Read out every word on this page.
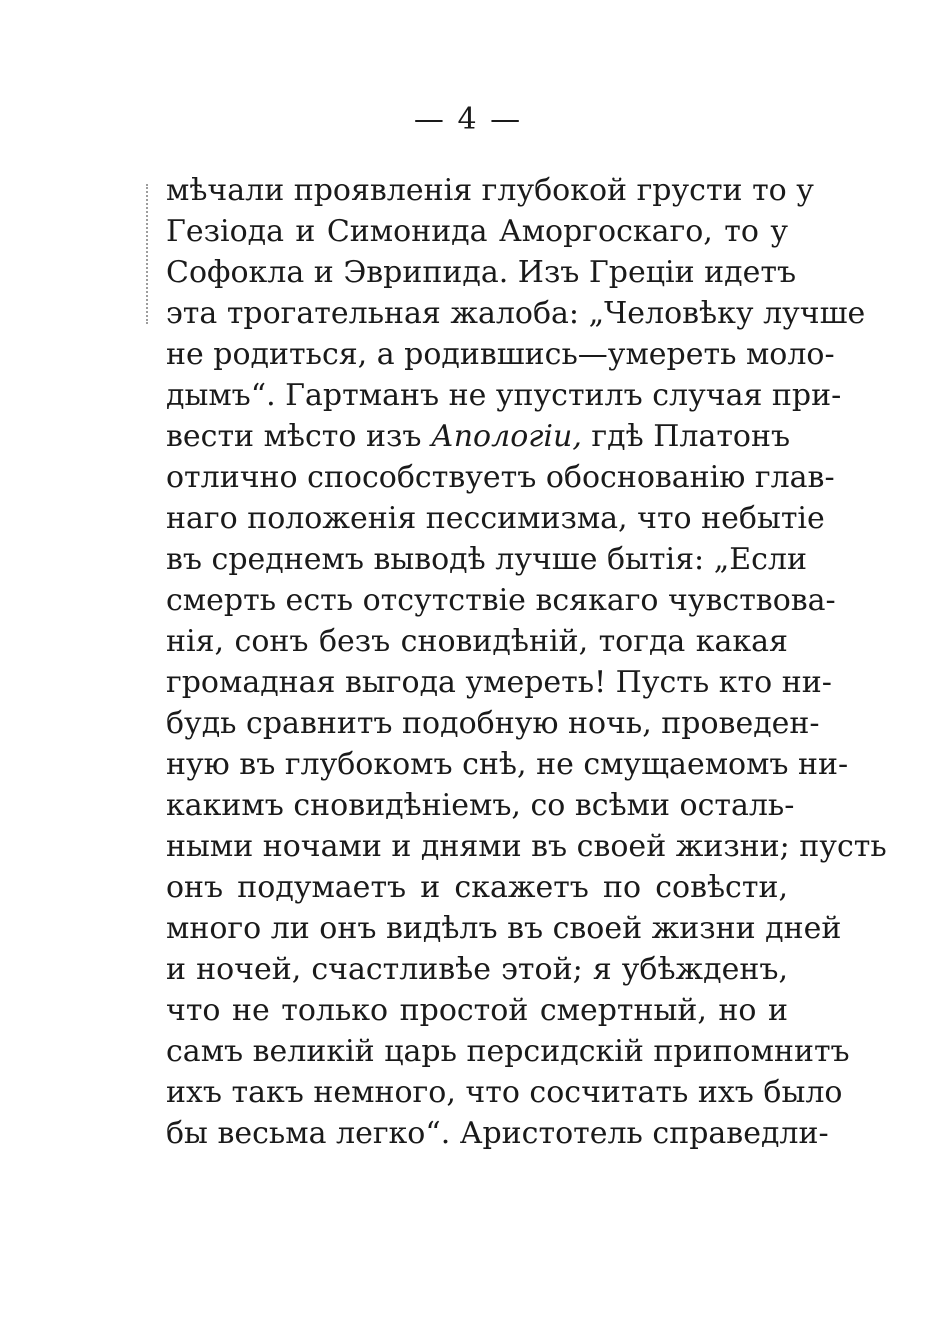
— 4 —
мѣчали проявленія глубокой грусти то у
Гезіода и Симонида Аморгоскаго, то у
Софокла и Эврипида. Изъ Греціи идетъ
эта трогательная жалоба: „Человѣку лучше
не родиться, а родившись—умереть моло-
дымъ“. Гартманъ не упустилъ случая при-
вести мѣсто изъ Апологіи, гдѣ Платонъ
отлично способствуетъ обоснованію глав-
наго положенія пессимизма, что небытіе
въ среднемъ выводѣ лучше бытія: „Если
смерть есть отсутствіе всякаго чувствова-
нія, сонъ безъ сновидѣній, тогда какая
громадная выгода умереть! Пусть кто ни-
будь сравнитъ подобную ночь, проведен-
ную въ глубокомъ снѣ, не смущаемомъ ни-
какимъ сновидѣніемъ, со всѣми осталь-
ными ночами и днями въ своей жизни; пусть
онъ подумаетъ и скажетъ по совѣсти,
много ли онъ видѣлъ въ своей жизни дней
и ночей, счастливѣе этой; я убѣжденъ,
что не только простой смертный, но и
самъ великій царь персидскій припомнитъ
ихъ такъ немного, что сосчитать ихъ было
бы весьма легко“. Аристотель справедли-
